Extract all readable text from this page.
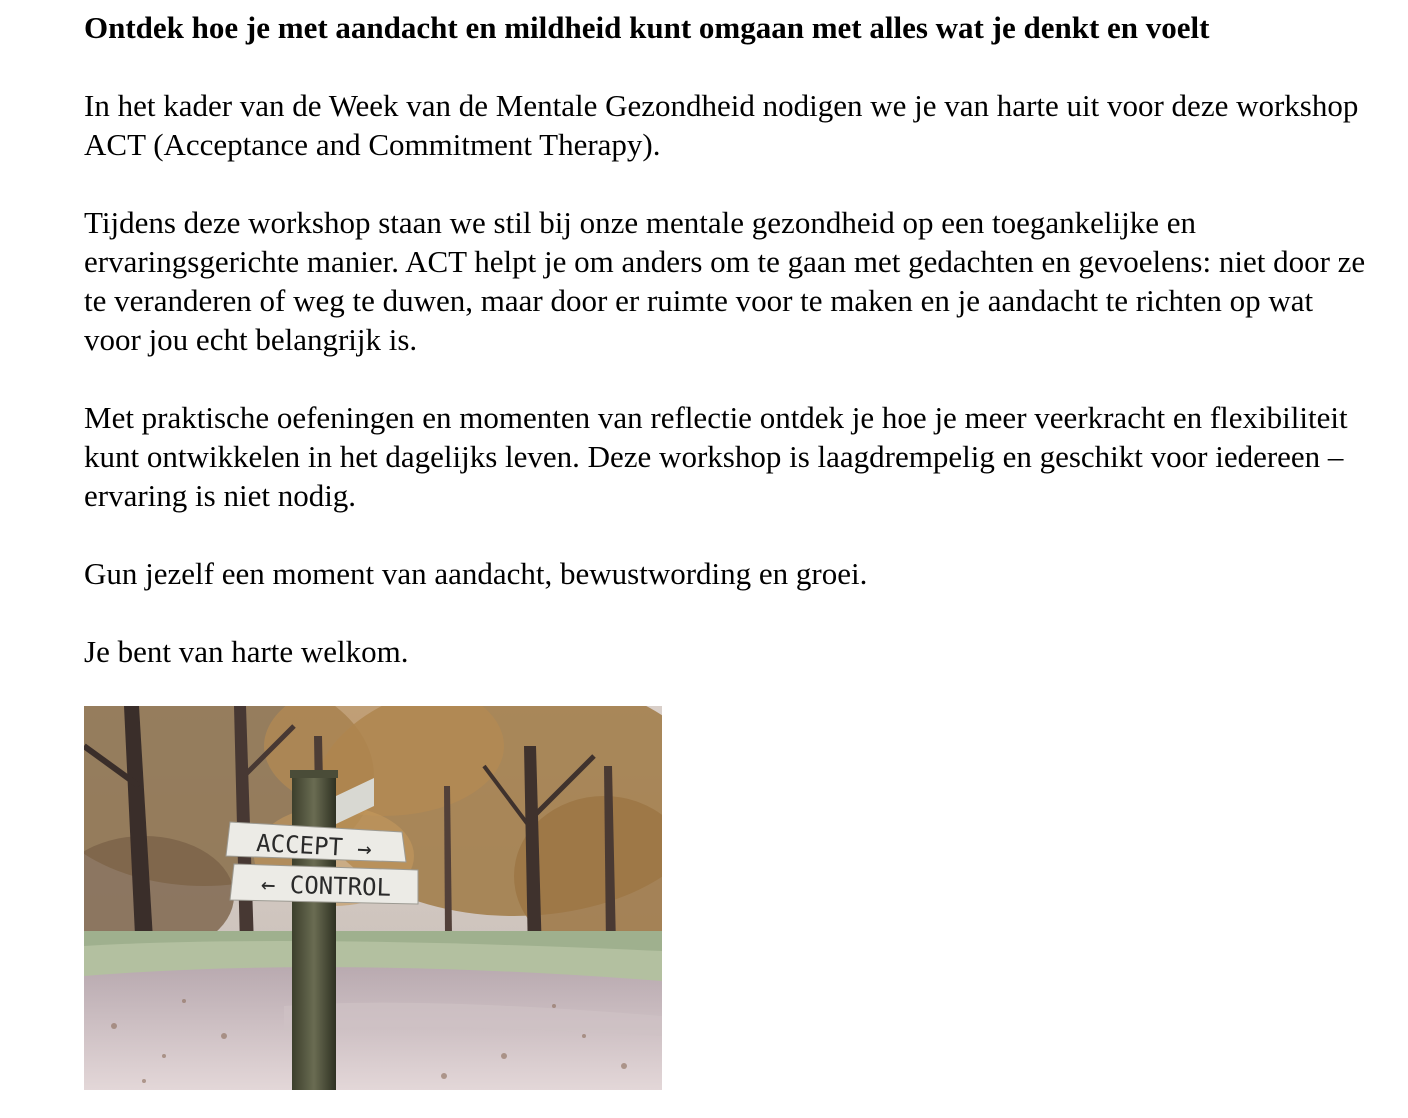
Ontdek hoe je met aandacht en mildheid kunt omgaan met alles wat je denkt en voelt

In het kader van de Week van de Mentale Gezondheid nodigen we je van harte uit voor deze workshop ACT (Acceptance and Commitment Therapy).

Tijdens deze workshop staan we stil bij onze mentale gezondheid op een toegankelijke en ervaringsgerichte manier. ACT helpt je om anders om te gaan met gedachten en gevoelens: niet door ze te veranderen of weg te duwen, maar door er ruimte voor te maken en je aandacht te richten op wat voor jou echt belangrijk is.

Met praktische oefeningen en momenten van reflectie ontdek je hoe je meer veerkracht en flexibiliteit kunt ontwikkelen in het dagelijks leven. Deze workshop is laagdrempelig en geschikt voor iedereen – ervaring is niet nodig.

Gun jezelf een moment van aandacht, bewustwording en groei.

Je bent van harte welkom.

ACCEPT →
← CONTROL
